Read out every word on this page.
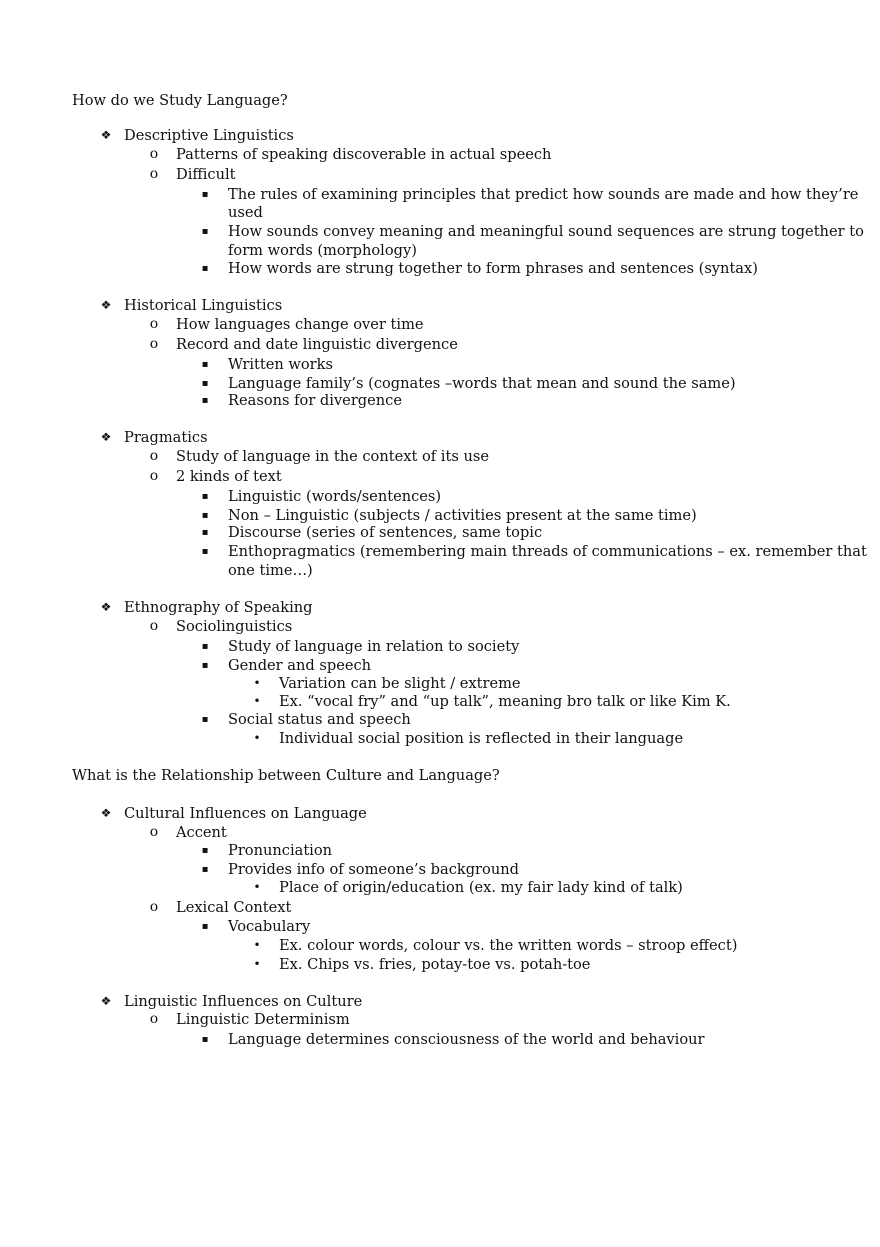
How do we Study Language?
❖ Descriptive Linguistics
o	Patterns of speaking discoverable in actual speech
o	Difficult
▪	The rules of examining principles that predict how sounds are made and how they’re
used
▪	How sounds convey meaning and meaningful sound sequences are strung together to
form words (morphology)
▪	How words are strung together to form phrases and sentences (syntax)
❖ Historical Linguistics
o	How languages change over time
o	Record and date linguistic divergence
▪	Written works
▪	Language family’s (cognates –words that mean and sound the same)
▪	Reasons for divergence
❖ Pragmatics
o	Study of language in the context of its use
o	2 kinds of text
▪	Linguistic (words/sentences)
▪	Non – Linguistic (subjects / activities present at the same time)
▪	Discourse (series of sentences, same topic
▪	Enthopragmatics (remembering main threads of communications – ex. remember that
one time…)
❖ Ethnography of Speaking
o	Sociolinguistics
▪	Study of language in relation to society
▪	Gender and speech
•	Variation can be slight / extreme
•	Ex. “vocal fry” and “up talk”, meaning bro talk or like Kim K.
▪	Social status and speech
•	Individual social position is reflected in their language
What is the Relationship between Culture and Language?
❖ Cultural Influences on Language
o	Accent
▪	Pronunciation
▪	Provides info of someone’s background
•	Place of origin/education (ex. my fair lady kind of talk)
o	Lexical Context
▪	Vocabulary
•	Ex. colour words, colour vs. the written words – stroop effect)
•	Ex. Chips vs. fries, potay-toe vs. potah-toe
❖ Linguistic Influences on Culture
o	Linguistic Determinism
▪	Language determines consciousness of the world and behaviour
